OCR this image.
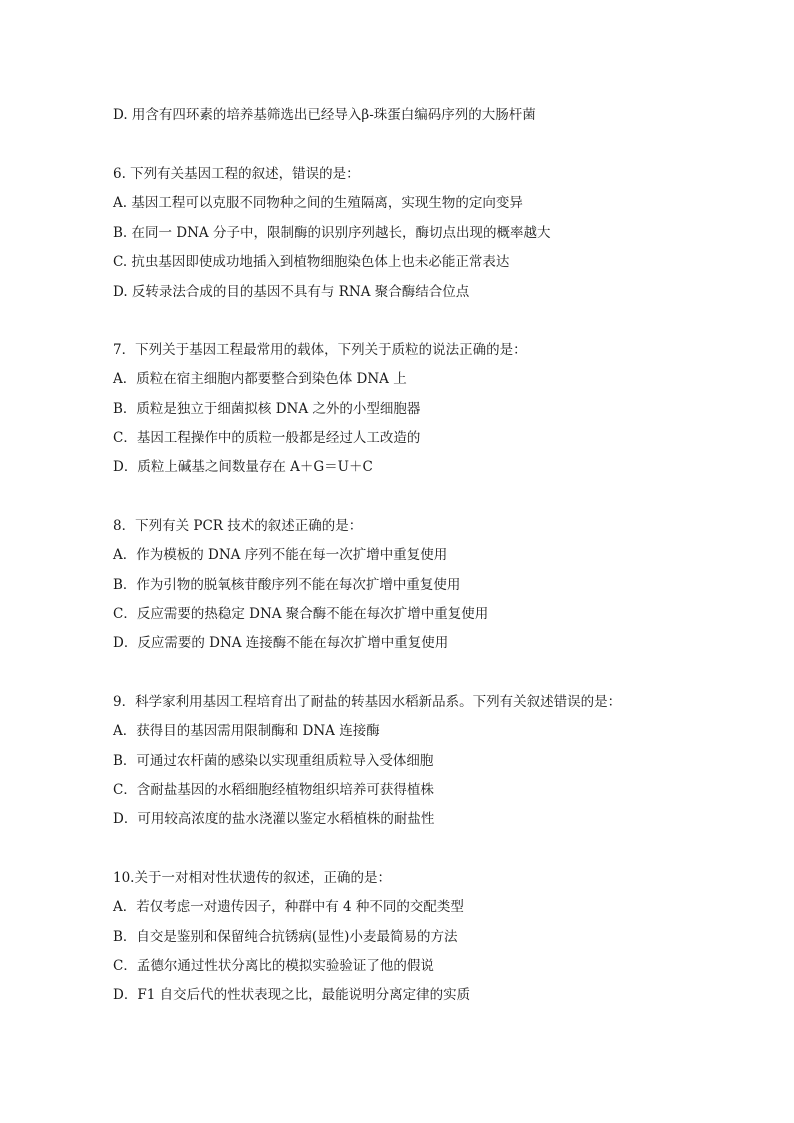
D. 用含有四环素的培养基筛选出已经导入β-珠蛋白编码序列的大肠杆菌
6. 下列有关基因工程的叙述，错误的是：
A. 基因工程可以克服不同物种之间的生殖隔离，实现生物的定向变异
B. 在同一 DNA 分子中，限制酶的识别序列越长，酶切点出现的概率越大
C. 抗虫基因即使成功地插入到植物细胞染色体上也未必能正常表达
D. 反转录法合成的目的基因不具有与 RNA 聚合酶结合位点
7．下列关于基因工程最常用的载体，下列关于质粒的说法正确的是：
A．质粒在宿主细胞内都要整合到染色体 DNA 上
B．质粒是独立于细菌拟核 DNA 之外的小型细胞器
C．基因工程操作中的质粒一般都是经过人工改造的
D．质粒上碱基之间数量存在 A＋G＝U＋C
8．下列有关 PCR 技术的叙述正确的是：
A．作为模板的 DNA 序列不能在每一次扩增中重复使用
B．作为引物的脱氧核苷酸序列不能在每次扩增中重复使用
C．反应需要的热稳定 DNA 聚合酶不能在每次扩增中重复使用
D．反应需要的 DNA 连接酶不能在每次扩增中重复使用
9．科学家利用基因工程培育出了耐盐的转基因水稻新品系。下列有关叙述错误的是：
A．获得目的基因需用限制酶和 DNA 连接酶
B．可通过农杆菌的感染以实现重组质粒导入受体细胞
C．含耐盐基因的水稻细胞经植物组织培养可获得植株
D．可用较高浓度的盐水浇灌以鉴定水稻植株的耐盐性
10.关于一对相对性状遗传的叙述，正确的是：
A．若仅考虑一对遗传因子，种群中有 4 种不同的交配类型
B．自交是鉴别和保留纯合抗锈病(显性)小麦最简易的方法
C．孟德尔通过性状分离比的模拟实验验证了他的假说
D．F1 自交后代的性状表现之比，最能说明分离定律的实质
